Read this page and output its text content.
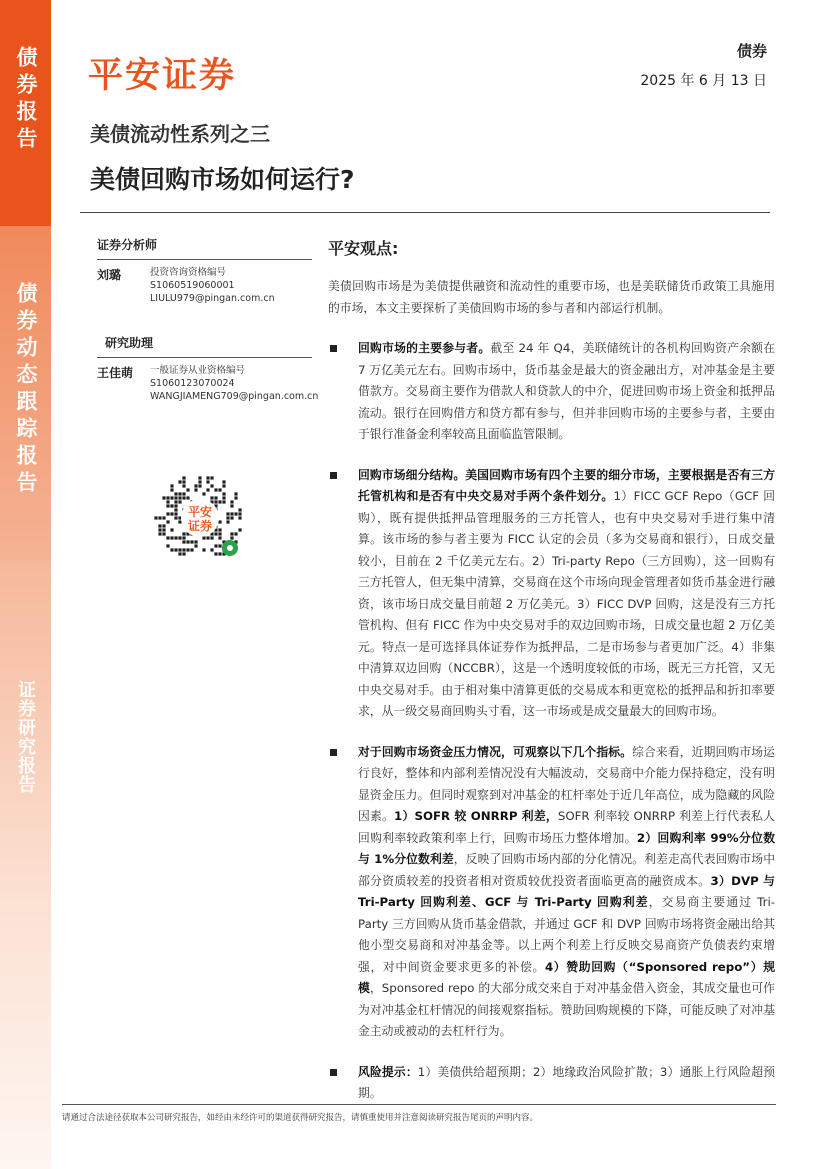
债券报告
债券动态跟踪报告
证券研究报告
平安证券
债券
2025 年 6 月 13 日
美债流动性系列之三
美债回购市场如何运行?
证券分析师
刘璐	投资咨询资格编号
S1060519060001
LIULU979@pingan.com.cn
研究助理
王佳萌 一般证券从业资格编号
S1060123070024
WANGJIAMENG709@pingan.com.cn
平安
证券
平安观点:
美债回购市场是为美债提供融资和流动性的重要市场，也是美联储货币政策工具施用的市场，本文主要探析了美债回购市场的参与者和内部运行机制。
回购市场的主要参与者。截至 24 年 Q4，美联储统计的各机构回购资产余额在 7 万亿美元左右。回购市场中，货币基金是最大的资金融出方，对冲基金是主要借款方。交易商主要作为借款人和贷款人的中介，促进回购市场上资金和抵押品流动。银行在回购借方和贷方都有参与，但并非回购市场的主要参与者，主要由于银行准备金利率较高且面临监管限制。
回购市场细分结构。美国回购市场有四个主要的细分市场，主要根据是否有三方托管机构和是否有中央交易对手两个条件划分。1）FICC GCF Repo（GCF 回购），既有提供抵押品管理服务的三方托管人，也有中央交易对手进行集中清算。该市场的参与者主要为 FICC 认定的会员（多为交易商和银行），日成交量较小，目前在 2 千亿美元左右。2）Tri-party Repo（三方回购），这一回购有三方托管人，但无集中清算，交易商在这个市场向现金管理者如货币基金进行融资，该市场日成交量目前超 2 万亿美元。3）FICC DVP 回购，这是没有三方托管机构、但有 FICC 作为中央交易对手的双边回购市场，日成交量也超 2 万亿美元。特点一是可选择具体证券作为抵押品，二是市场参与者更加广泛。4）非集中清算双边回购（NCCBR），这是一个透明度较低的市场，既无三方托管，又无中央交易对手。由于相对集中清算更低的交易成本和更宽松的抵押品和折扣率要求，从一级交易商回购头寸看，这一市场或是成交量最大的回购市场。
对于回购市场资金压力情况，可观察以下几个指标。综合来看，近期回购市场运行良好，整体和内部利差情况没有大幅波动，交易商中介能力保持稳定，没有明显资金压力。但同时观察到对冲基金的杠杆率处于近几年高位，成为隐藏的风险因素。1）SOFR 较 ONRRP 利差，SOFR 利率较 ONRRP 利差上行代表私人回购利率较政策利率上行，回购市场压力整体增加。2）回购利率 99%分位数与 1%分位数利差，反映了回购市场内部的分化情况。利差走高代表回购市场中部分资质较差的投资者相对资质较优投资者面临更高的融资成本。3）DVP 与 Tri-Party 回购利差、GCF 与 Tri-Party 回购利差，交易商主要通过 Tri-Party 三方回购从货币基金借款，并通过 GCF 和 DVP 回购市场将资金融出给其他小型交易商和对冲基金等。以上两个利差上行反映交易商资产负债表约束增强，对中间资金要求更多的补偿。4）赞助回购（“Sponsored repo”）规模，Sponsored repo 的大部分成交来自于对冲基金借入资金，其成交量也可作为对冲基金杠杆情况的间接观察指标。赞助回购规模的下降，可能反映了对冲基金主动或被动的去杠杆行为。
风险提示：1）美债供给超预期；2）地缘政治风险扩散；3）通胀上行风险超预期。
请通过合法途径获取本公司研究报告，如经由未经许可的渠道获得研究报告，请慎重使用并注意阅读研究报告尾页的声明内容。
